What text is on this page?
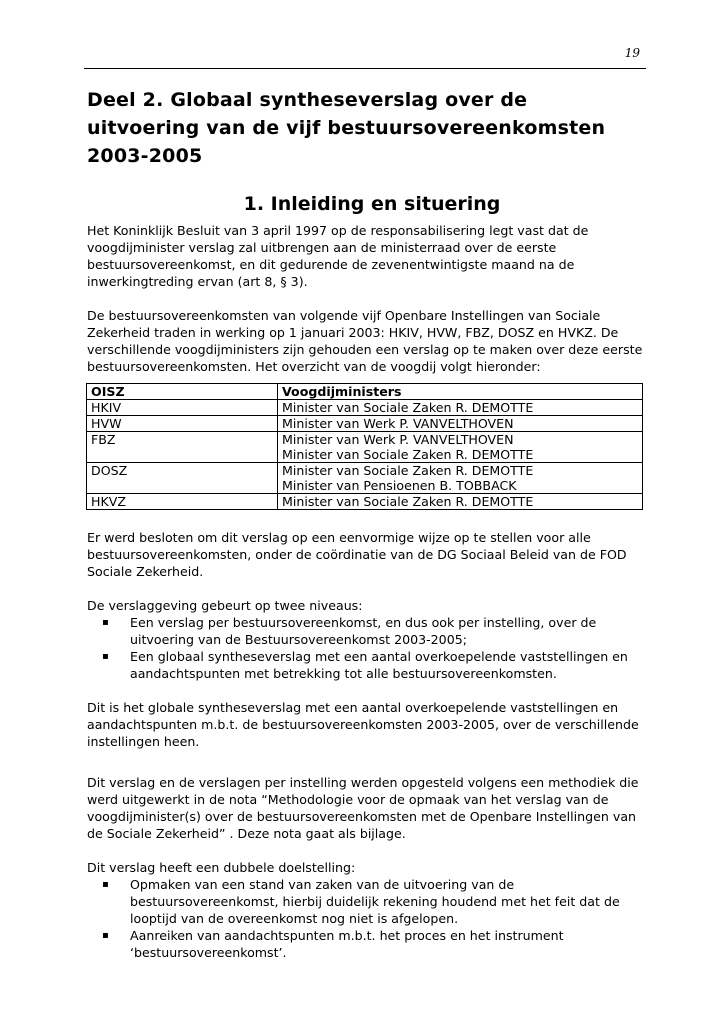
19
Deel 2. Globaal syntheseverslag over de
uitvoering van de vijf bestuursovereenkomsten
2003-2005
1. Inleiding en situering

Het Koninklijk Besluit van 3 april 1997 op de responsabilisering legt vast dat de voogdijminister verslag zal uitbrengen aan de ministerraad over de eerste bestuursovereenkomst, en dit gedurende de zevenentwintigste maand na de inwerkingtreding ervan (art 8, § 3).

De bestuursovereenkomsten van volgende vijf Openbare Instellingen van Sociale Zekerheid traden in werking op 1 januari 2003: HKIV, HVW, FBZ, DOSZ en HVKZ. De verschillende voogdijministers zijn gehouden een verslag op te maken over deze eerste bestuursovereenkomsten. Het overzicht van de voogdij volgt hieronder:

OISZ	Voogdijministers
HKIV	Minister van Sociale Zaken R. DEMOTTE

HVW	Minister van Werk P. VANVELTHOVEN

FBZ	Minister van Werk P. VANVELTHOVEN
Minister van Sociale Zaken R. DEMOTTE

DOSZ	Minister van Sociale Zaken R. DEMOTTE
Minister van Pensioenen B. TOBBACK

HKVZ	Minister van Sociale Zaken R. DEMOTTE

Er werd besloten om dit verslag op een eenvormige wijze op te stellen voor alle bestuursovereenkomsten, onder de coördinatie van de DG Sociaal Beleid van de FOD Sociale Zekerheid.

De verslaggeving gebeurt op twee niveaus:

▪ Een verslag per bestuursovereenkomst, en dus ook per instelling, over de uitvoering van de Bestuursovereenkomst 2003-2005;
▪ Een globaal syntheseverslag met een aantal overkoepelende vaststellingen en aandachtspunten met betrekking tot alle bestuursovereenkomsten.

Dit is het globale syntheseverslag met een aantal overkoepelende vaststellingen en aandachtspunten m.b.t. de bestuursovereenkomsten 2003-2005, over de verschillende instellingen heen.

Dit verslag en de verslagen per instelling werden opgesteld volgens een methodiek die werd uitgewerkt in de nota “Methodologie voor de opmaak van het verslag van de voogdijminister(s) over de bestuursovereenkomsten met de Openbare Instellingen van de Sociale Zekerheid” . Deze nota gaat als bijlage.

Dit verslag heeft een dubbele doelstelling:

▪ Opmaken van een stand van zaken van de uitvoering van de bestuursovereenkomst, hierbij duidelijk rekening houdend met het feit dat de looptijd van de overeenkomst nog niet is afgelopen.
▪ Aanreiken van aandachtspunten m.b.t. het proces en het instrument ‘bestuursovereenkomst’.
